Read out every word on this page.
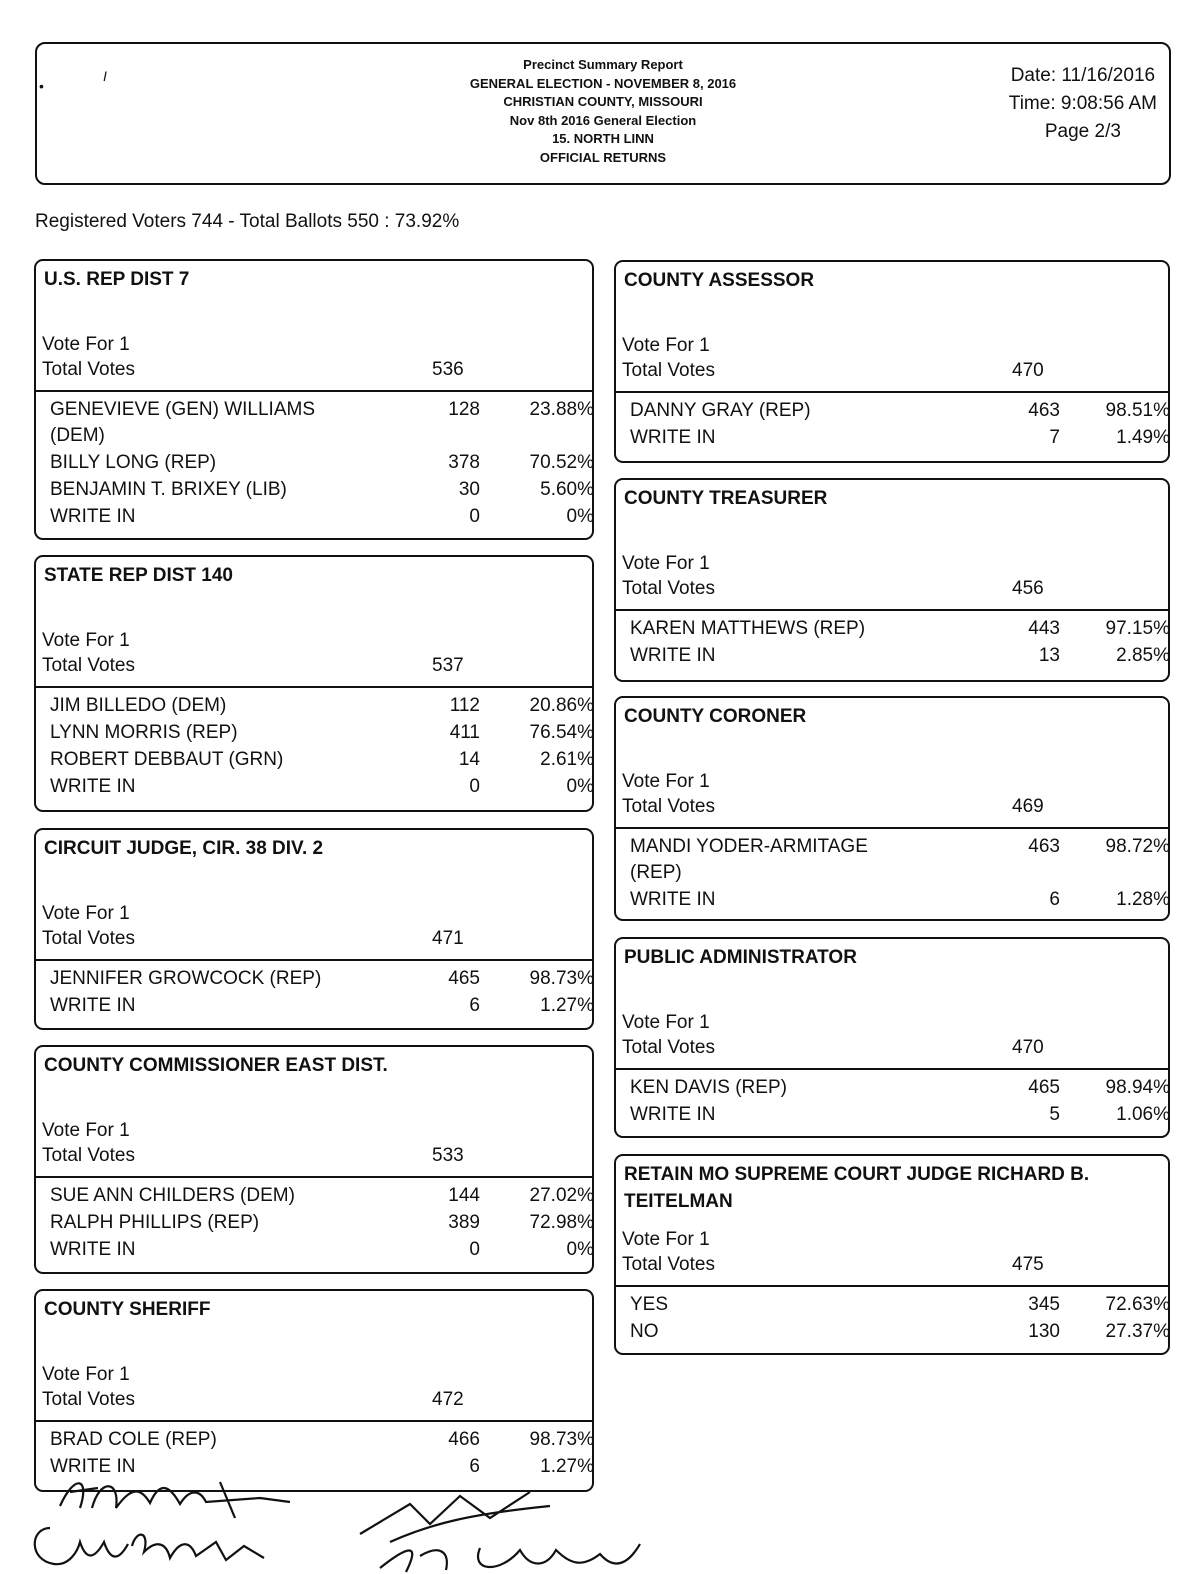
•
I
Precinct Summary Report
GENERAL ELECTION - NOVEMBER 8, 2016
CHRISTIAN COUNTY, MISSOURI
Nov 8th 2016 General Election
15. NORTH LINN
OFFICIAL RETURNS
Date: 11/16/2016
Time: 9:08:56 AM
Page 2/3
Registered Voters 744 - Total Ballots 550 : 73.92%
U.S. REP DIST 7
Vote For 1
Total Votes	536
GENEVIEVE (GEN) WILLIAMS
(DEM)
128	23.88%
BILLY LONG (REP)	378	70.52%
BENJAMIN T. BRIXEY (LIB)	30	5.60%
WRITE IN	0	0%
STATE REP DIST 140
Vote For 1
Total Votes	537
JIM BILLEDO (DEM)	112	20.86%
LYNN MORRIS (REP)	411	76.54%
ROBERT DEBBAUT (GRN)	14	2.61%
WRITE IN	0	0%
CIRCUIT JUDGE, CIR. 38 DIV. 2
Vote For 1
Total Votes	471
JENNIFER GROWCOCK (REP)	465	98.73%
WRITE IN	6	1.27%
COUNTY COMMISSIONER EAST DIST.
Vote For 1
Total Votes	533
SUE ANN CHILDERS (DEM)	144	27.02%
RALPH PHILLIPS (REP)	389	72.98%
WRITE IN	0	0%
COUNTY SHERIFF
Vote For 1
Total Votes	472
BRAD COLE (REP)	466	98.73%
WRITE IN	6	1.27%
COUNTY ASSESSOR
Vote For 1
Total Votes	470
DANNY GRAY (REP)	463	98.51%
WRITE IN	7	1.49%
COUNTY TREASURER
Vote For 1
Total Votes	456
KAREN MATTHEWS (REP)	443	97.15%
WRITE IN	13	2.85%
COUNTY CORONER
Vote For 1
Total Votes	469
MANDI YODER-ARMITAGE
(REP)
463	98.72%
WRITE IN	6	1.28%
PUBLIC ADMINISTRATOR
Vote For 1
Total Votes	470
KEN DAVIS (REP)	465	98.94%
WRITE IN	5	1.06%
RETAIN MO SUPREME COURT JUDGE RICHARD B.
TEITELMAN
Vote For 1
Total Votes	475
YES	345	72.63%
NO	130	27.37%
